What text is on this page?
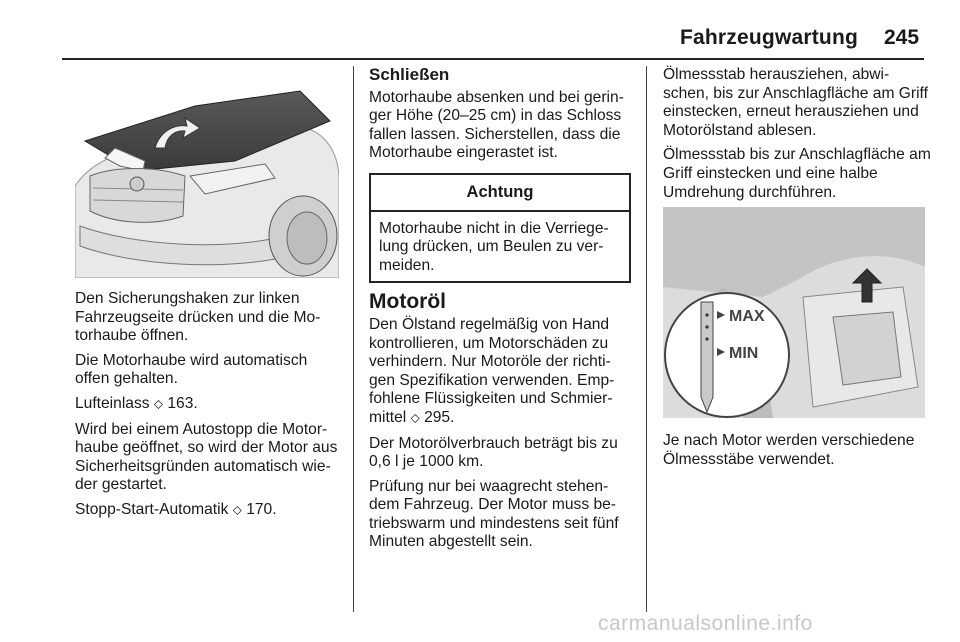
Fahrzeugwartung 245

Den Sicherungshaken zur linken Fahrzeugseite drücken und die Mo- torhaube öffnen.

Die Motorhaube wird automatisch offen gehalten.

Lufteinlass ⬦ 163.

Wird bei einem Autostopp die Motor- haube geöffnet, so wird der Motor aus Sicherheitsgründen automatisch wie- der gestartet.

Stopp-Start-Automatik ⬦ 170.

Schließen

Motorhaube absenken und bei gerin- ger Höhe (20–25 cm) in das Schloss fallen lassen. Sicherstellen, dass die Motorhaube eingerastet ist.

Achtung
Motorhaube nicht in die Verriege- lung drücken, um Beulen zu ver- meiden.
Motoröl

Den Ölstand regelmäßig von Hand kontrollieren, um Motorschäden zu verhindern. Nur Motoröle der richti- gen Spezifikation verwenden. Emp- fohlene Flüssigkeiten und Schmier- mittel ⬦ 295.

Der Motorölverbrauch beträgt bis zu 0,6 l je 1000 km.

Prüfung nur bei waagrecht stehen- dem Fahrzeug. Der Motor muss be- triebswarm und mindestens seit fünf Minuten abgestellt sein.

Ölmessstab herausziehen, abwi- schen, bis zur Anschlagfläche am Griff einstecken, erneut herausziehen und Motorölstand ablesen.

Ölmessstab bis zur Anschlagfläche am Griff einstecken und eine halbe Umdrehung durchführen.

MAX
MIN

Je nach Motor werden verschiedene Ölmessstäbe verwendet.

carmanualsonline.info
